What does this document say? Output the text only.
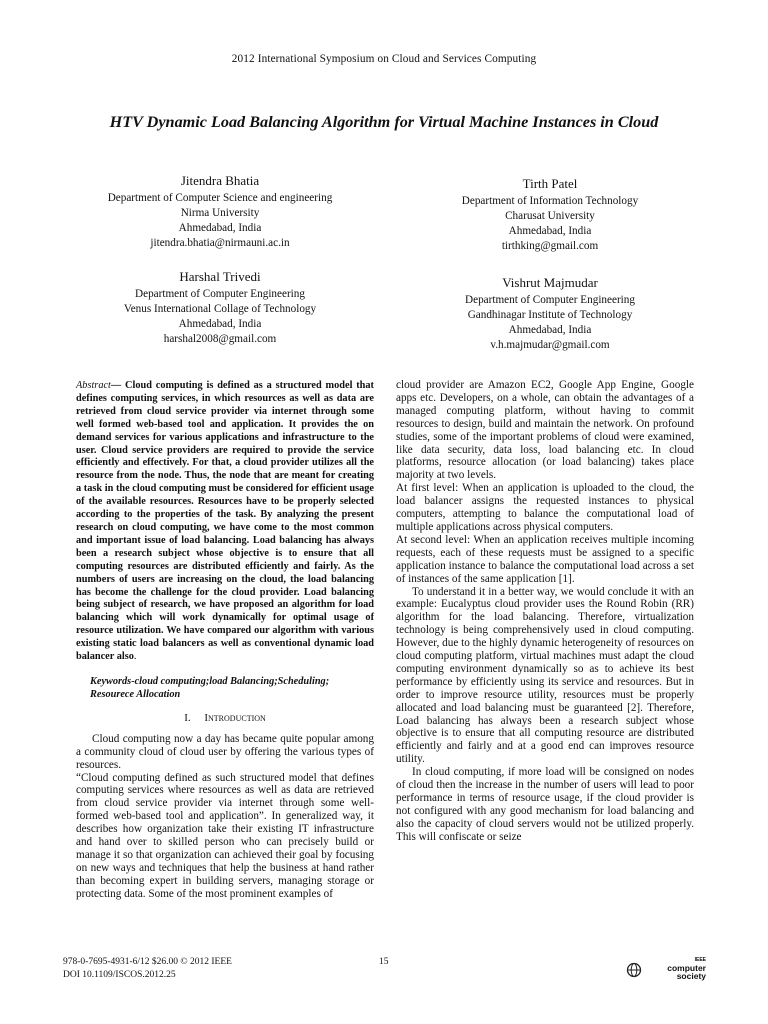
2012 International Symposium on Cloud and Services Computing
HTV Dynamic Load Balancing Algorithm for Virtual Machine Instances in Cloud
Jitendra Bhatia
Department of Computer Science and engineering
Nirma University
Ahmedabad, India
jitendra.bhatia@nirmauni.ac.in
Tirth Patel
Department of Information Technology
Charusat University
Ahmedabad, India
tirthking@gmail.com
Harshal Trivedi
Department of Computer Engineering
Venus International Collage of Technology
Ahmedabad, India
harshal2008@gmail.com
Vishrut Majmudar
Department of Computer Engineering
Gandhinagar Institute of Technology
Ahmedabad, India
v.h.majmudar@gmail.com

Abstract— Cloud computing is defined as a structured model that defines computing services, in which resources as well as data are retrieved from cloud service provider via internet through some well formed web-based tool and application. It provides the on demand services for various applications and infrastructure to the user. Cloud service providers are required to provide the service efficiently and effectively. For that, a cloud provider utilizes all the resource from the node. Thus, the node that are meant for creating a task in the cloud computing must be considered for efficient usage of the available resources. Resources have to be properly selected according to the properties of the task. By analyzing the present research on cloud computing, we have come to the most common and important issue of load balancing. Load balancing has always been a research subject whose objective is to ensure that all computing resources are distributed efficiently and fairly. As the numbers of users are increasing on the cloud, the load balancing has become the challenge for the cloud provider. Load balancing being subject of research, we have proposed an algorithm for load balancing which will work dynamically for optimal usage of resource utilization. We have compared our algorithm with various existing static load balancers as well as conventional dynamic load balancer also.

Keywords-cloud computing;load Balancing;Scheduling; Resourece Allocation

I. Introduction

Cloud computing now a day has became quite popular among a community cloud of cloud user by offering the various types of resources.

“Cloud computing defined as such structured model that defines computing services where resources as well as data are retrieved from cloud service provider via internet through some well-formed web-based tool and application”. In generalized way, it describes how organization take their existing IT infrastructure and hand over to skilled person who can precisely build or manage it so that organization can achieved their goal by focusing on new ways and techniques that help the business at hand rather than becoming expert in building servers, managing storage or protecting data. Some of the most prominent examples of

cloud provider are Amazon EC2, Google App Engine, Google apps etc. Developers, on a whole, can obtain the advantages of a managed computing platform, without having to commit resources to design, build and maintain the network. On profound studies, some of the important problems of cloud were examined, like data security, data loss, load balancing etc. In cloud platforms, resource allocation (or load balancing) takes place majority at two levels.

At first level: When an application is uploaded to the cloud, the load balancer assigns the requested instances to physical computers, attempting to balance the computational load of multiple applications across physical computers.

At second level: When an application receives multiple incoming requests, each of these requests must be assigned to a specific application instance to balance the computational load across a set of instances of the same application [1].

To understand it in a better way, we would conclude it with an example: Eucalyptus cloud provider uses the Round Robin (RR) algorithm for the load balancing. Therefore, virtualization technology is being comprehensively used in cloud computing. However, due to the highly dynamic heterogeneity of resources on cloud computing platform, virtual machines must adapt the cloud computing environment dynamically so as to achieve its best performance by efficiently using its service and resources. But in order to improve resource utility, resources must be properly allocated and load balancing must be guaranteed [2]. Therefore, Load balancing has always been a research subject whose objective is to ensure that all computing resource are distributed efficiently and fairly and at a good end can improves resource utility.

In cloud computing, if more load will be consigned on nodes of cloud then the increase in the number of users will lead to poor performance in terms of resource usage, if the cloud provider is not configured with any good mechanism for load balancing and also the capacity of cloud servers would not be utilized properly. This will confiscate or seize

978-0-7695-4931-6/12 $26.00 © 2012 IEEE
DOI 10.1109/ISCOS.2012.25
15	IEEE
computer
society
